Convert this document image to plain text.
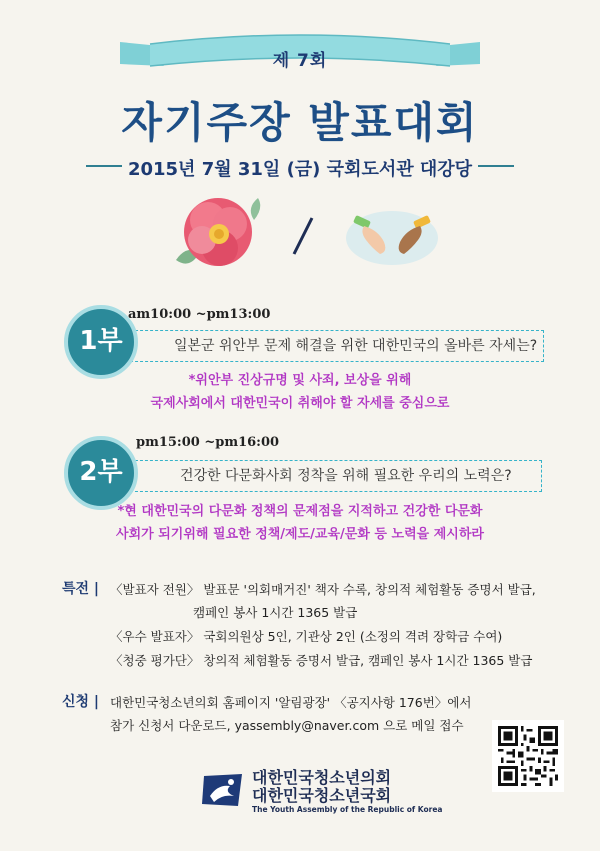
제 7회
자기주장 발표대회
2015년 7월 31일 (금) 국회도서관 대강당
am10:00 ~pm13:00
일본군 위안부 문제 해결을 위한 대한민국의 올바른 자세는?
1부
*위안부 진상규명 및 사죄, 보상을 위해
국제사회에서 대한민국이 취해야 할 자세를 중심으로
pm15:00 ~pm16:00
건강한 다문화사회 정착을 위해 필요한 우리의 노력은?
2부
*현 대한민국의 다문화 정책의 문제점을 지적하고 건강한 다문화
사회가 되기위해 필요한 정책/제도/교육/문화 등 노력을 제시하라
특전 | 〈발표자 전원〉 발표문 '의회매거진' 책자 수록, 창의적 체험활동 증명서 발급,
캠페인 봉사 1시간 1365 발급
〈우수 발표자〉 국회의원상 5인, 기관상 2인 (소정의 격려 장학금 수여)
〈청중 평가단〉 창의적 체험활동 증명서 발급, 캠페인 봉사 1시간 1365 발급
신청 | 대한민국청소년의회 홈페이지 '알림광장' 〈공지사항 176번〉에서
참가 신청서 다운로드, yassembly@naver.com 으로 메일 접수
대한민국청소년의회
대한민국청소년국회
The Youth Assembly of the Republic of Korea
